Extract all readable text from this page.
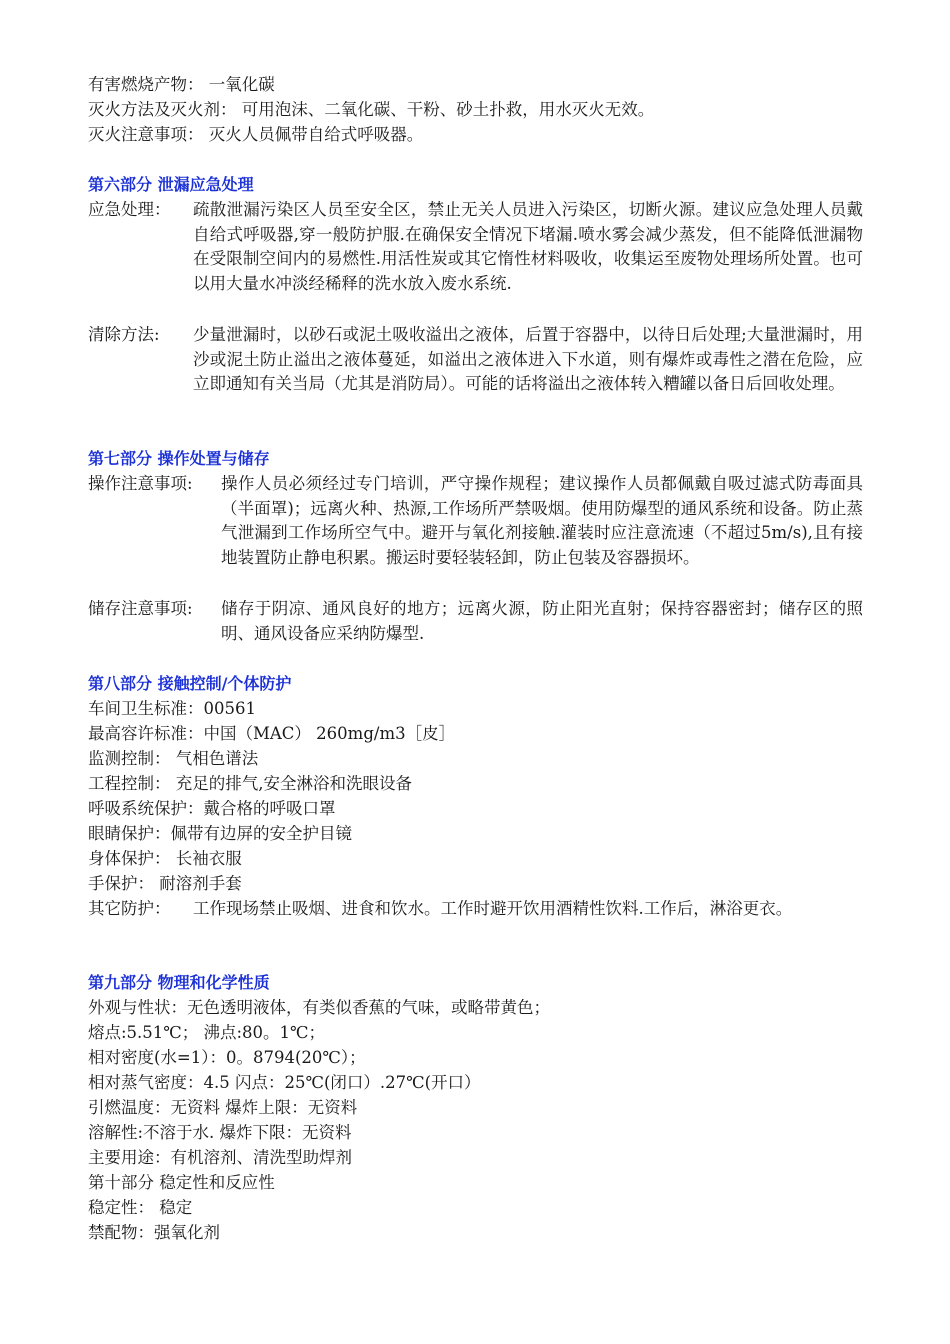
有害燃烧产物： 一氧化碳
灭火方法及灭火剂： 可用泡沫、二氧化碳、干粉、砂土扑救，用水灭火无效。
灭火注意事项： 灭火人员佩带自给式呼吸器。
第六部分 泄漏应急处理
应急处理：	疏散泄漏污染区人员至安全区，禁止无关人员进入污染区，切断火源。建议应急处理人员戴自给式呼吸器,穿一般防护服.在确保安全情况下堵漏.喷水雾会减少蒸发，但不能降低泄漏物在受限制空间内的易燃性.用活性炭或其它惰性材料吸收，收集运至废物处理场所处置。也可以用大量水冲淡经稀释的洗水放入废水系统.
清除方法:	少量泄漏时，以砂石或泥土吸收溢出之液体，后置于容器中，以待日后处理;大量泄漏时，用沙或泥土防止溢出之液体蔓延，如溢出之液体进入下水道，则有爆炸或毒性之潜在危险，应立即通知有关当局（尤其是消防局）。可能的话将溢出之液体转入糟罐以备日后回收处理。
第七部分 操作处置与储存
操作注意事项:	操作人员必须经过专门培训，严守操作规程；建议操作人员都佩戴自吸过滤式防毒面具（半面罩)；远离火种、热源,工作场所严禁吸烟。使用防爆型的通风系统和设备。防止蒸气泄漏到工作场所空气中。避开与氧化剂接触.灌装时应注意流速（不超过5m/s),且有接地装置防止静电积累。搬运时要轻装轻卸，防止包装及容器损坏。
储存注意事项:	储存于阴凉、通风良好的地方；远离火源，防止阳光直射；保持容器密封；储存区的照明、通风设备应采纳防爆型.
第八部分 接触控制/个体防护
车间卫生标准：00561
最高容许标准：中国（MAC） 260mg/m3［皮］
监测控制： 气相色谱法
工程控制： 充足的排气,安全淋浴和洗眼设备
呼吸系统保护：戴合格的呼吸口罩
眼睛保护：佩带有边屏的安全护目镜
身体保护： 长袖衣服
手保护： 耐溶剂手套
其它防护：	工作现场禁止吸烟、进食和饮水。工作时避开饮用酒精性饮料.工作后，淋浴更衣。
第九部分 物理和化学性质
外观与性状：无色透明液体，有类似香蕉的气味，或略带黄色；
熔点:5.51℃； 沸点:80。1℃；
相对密度(水=1）：0。8794(20℃）；
相对蒸气密度：4.5 闪点：25℃(闭口）.27℃(开口）
引燃温度：无资料 爆炸上限：无资料
溶解性:不溶于水. 爆炸下限：无资料
主要用途：有机溶剂、清洗型助焊剂
第十部分 稳定性和反应性
稳定性： 稳定
禁配物：强氧化剂
